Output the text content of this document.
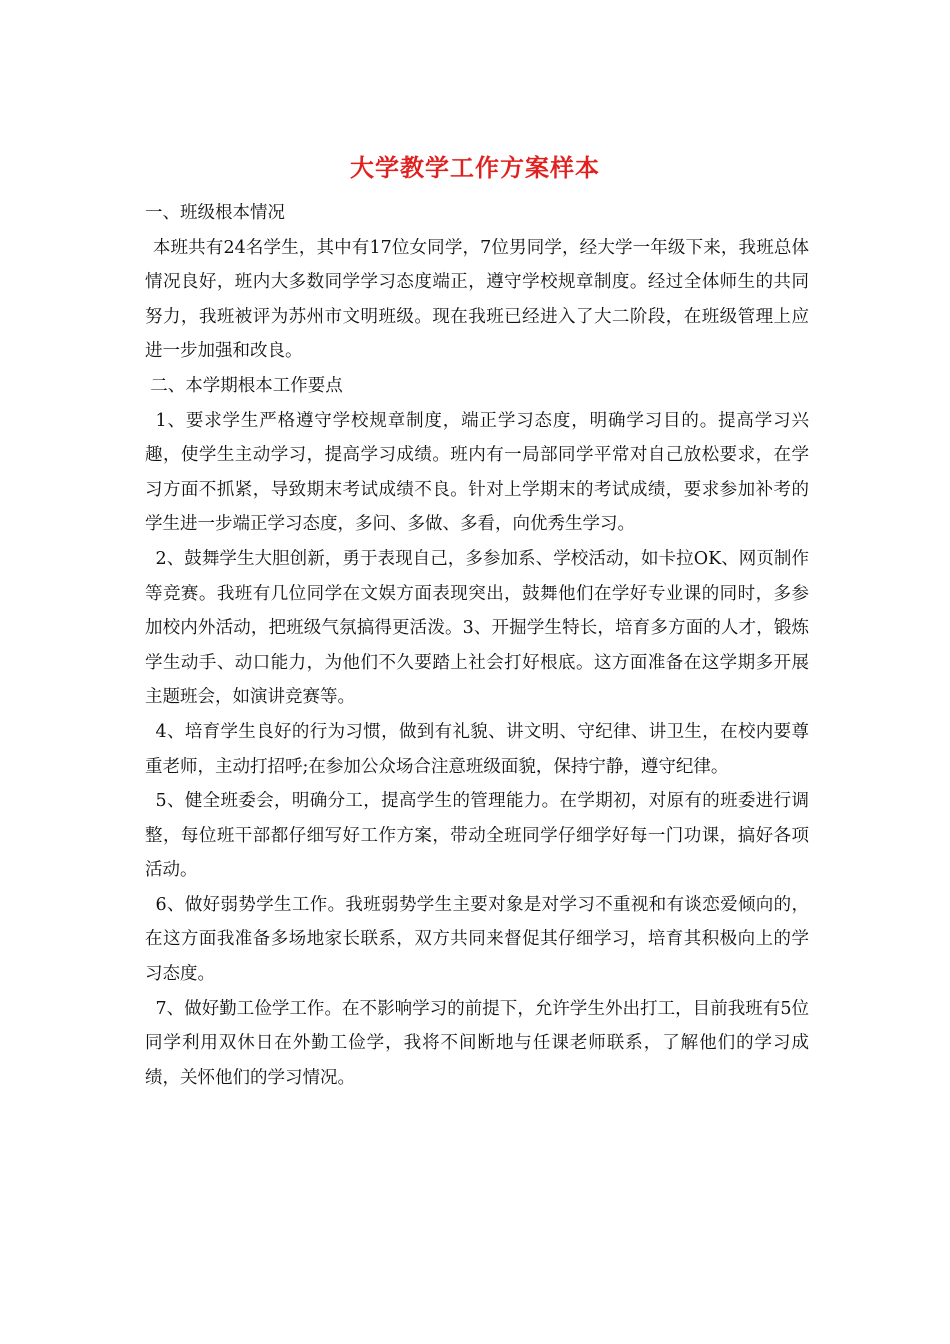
大学教学工作方案样本

一、班级根本情况

本班共有24名学生，其中有17位女同学，7位男同学，经大学一年级下来，我班总体情况良好，班内大多数同学学习态度端正，遵守学校规章制度。经过全体师生的共同努力，我班被评为苏州市文明班级。现在我班已经进入了大二阶段，在班级管理上应进一步加强和改良。

二、本学期根本工作要点

1、要求学生严格遵守学校规章制度，端正学习态度，明确学习目的。提高学习兴趣，使学生主动学习，提高学习成绩。班内有一局部同学平常对自己放松要求，在学习方面不抓紧，导致期末考试成绩不良。针对上学期末的考试成绩，要求参加补考的学生进一步端正学习态度，多问、多做、多看，向优秀生学习。

2、鼓舞学生大胆创新，勇于表现自己，多参加系、学校活动，如卡拉OK、网页制作等竞赛。我班有几位同学在文娱方面表现突出，鼓舞他们在学好专业课的同时，多参加校内外活动，把班级气氛搞得更活泼。3、开掘学生特长，培育多方面的人才，锻炼学生动手、动口能力，为他们不久要踏上社会打好根底。这方面准备在这学期多开展主题班会，如演讲竞赛等。

4、培育学生良好的行为习惯，做到有礼貌、讲文明、守纪律、讲卫生，在校内要尊重老师，主动打招呼;在参加公众场合注意班级面貌，保持宁静，遵守纪律。

5、健全班委会，明确分工，提高学生的管理能力。在学期初，对原有的班委进行调整，每位班干部都仔细写好工作方案，带动全班同学仔细学好每一门功课，搞好各项活动。

6、做好弱势学生工作。我班弱势学生主要对象是对学习不重视和有谈恋爱倾向的，在这方面我准备多场地家长联系，双方共同来督促其仔细学习，培育其积极向上的学习态度。

7、做好勤工俭学工作。在不影响学习的前提下，允许学生外出打工，目前我班有5位同学利用双休日在外勤工俭学，我将不间断地与任课老师联系，了解他们的学习成绩，关怀他们的学习情况。
